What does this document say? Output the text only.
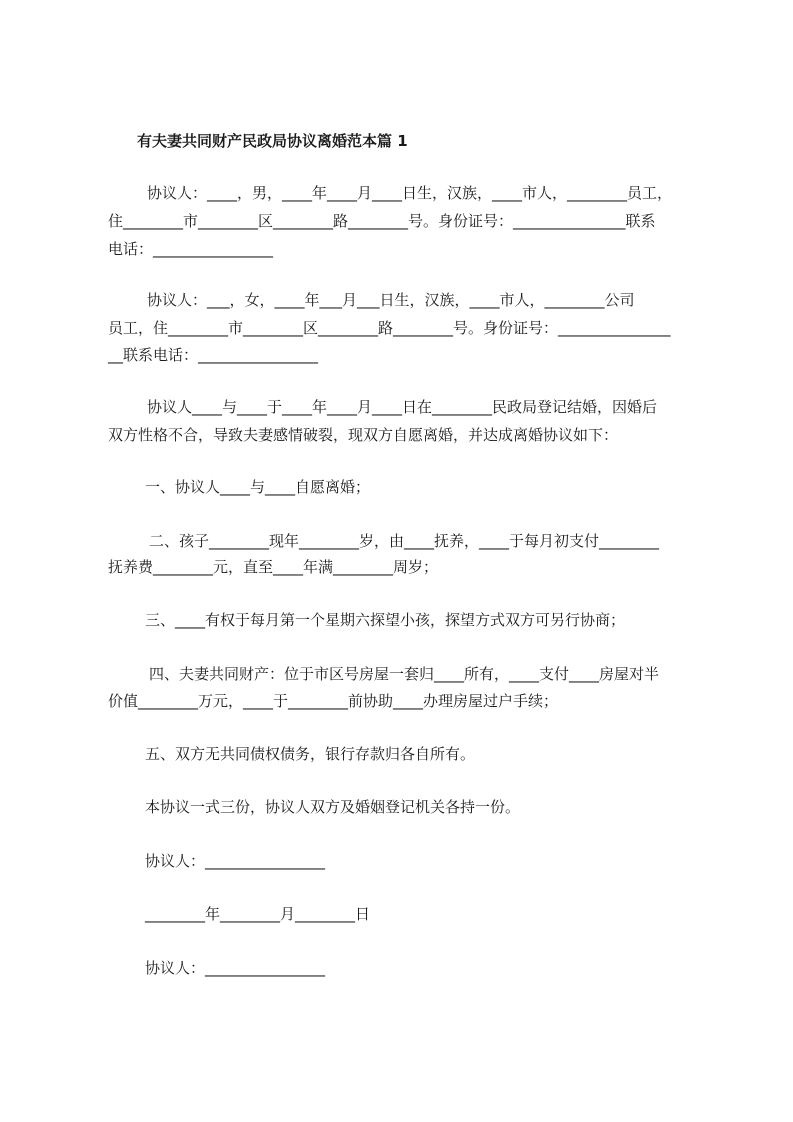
有夫妻共同财产民政局协议离婚范本篇 1
协议人：____，男，____年____月____日生，汉族，____市人，________员工，
住________市________区________路________号。身份证号：_______________联系
电话：________________
协议人：___，女，____年___月___日生，汉族，____市人，________公司
员工，住________市________区________路________号。身份证号：_______________
__联系电话：________________
协议人____与____于____年____月____日在________民政局登记结婚，因婚后
双方性格不合，导致夫妻感情破裂，现双方自愿离婚，并达成离婚协议如下：
一、协议人____与____自愿离婚；
二、孩子________现年________岁，由____抚养，____于每月初支付________
抚养费________元，直至____年满________周岁；
三、____有权于每月第一个星期六探望小孩，探望方式双方可另行协商；
四、夫妻共同财产：位于市区号房屋一套归____所有，____支付____房屋对半
价值________万元，____于________前协助____办理房屋过户手续；
五、双方无共同债权债务，银行存款归各自所有。
本协议一式三份，协议人双方及婚姻登记机关各持一份。
协议人：________________
________年________月________日
协议人：________________
